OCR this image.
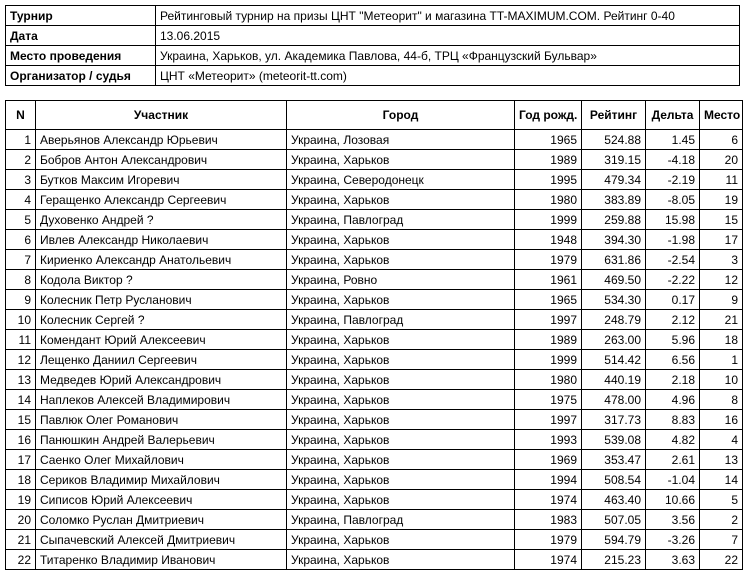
Турнир	Рейтинговый турнир на призы ЦНТ "Метеорит" и магазина TT-MAXIMUM.COM. Рейтинг 0-40
Дата	13.06.2015
Место проведения	Украина, Харьков, ул. Академика Павлова, 44-б, ТРЦ «Французский Бульвар»
Организатор / судья	ЦНТ «Метеорит» (meteorit-tt.com)
N	Участник	Город	Год рожд.	Рейтинг	Дельта	Место
1	Аверьянов Александр Юрьевич	Украина, Лозовая	1965	524.88	1.45	6
2	Бобров Антон Александрович	Украина, Харьков	1989	319.15	-4.18	20
3	Бутков Максим Игоревич	Украина, Северодонецк	1995	479.34	-2.19	11
4	Геращенко Александр Сергеевич	Украина, Харьков	1980	383.89	-8.05	19
5	Духовенко Андрей ?	Украина, Павлоград	1999	259.88	15.98	15
6	Ивлев Александр Николаевич	Украина, Харьков	1948	394.30	-1.98	17
7	Кириенко Александр Анатольевич	Украина, Харьков	1979	631.86	-2.54	3
8	Кодола Виктор ?	Украина, Ровно	1961	469.50	-2.22	12
9	Колесник Петр Русланович	Украина, Харьков	1965	534.30	0.17	9
10	Колесник Сергей ?	Украина, Павлоград	1997	248.79	2.12	21
11	Комендант Юрий Алексеевич	Украина, Харьков	1989	263.00	5.96	18
12	Лещенко Даниил Сергеевич	Украина, Харьков	1999	514.42	6.56	1
13	Медведев Юрий Александрович	Украина, Харьков	1980	440.19	2.18	10
14	Наплеков Алексей Владимирович	Украина, Харьков	1975	478.00	4.96	8
15	Павлюк Олег Романович	Украина, Харьков	1997	317.73	8.83	16
16	Панюшкин Андрей Валерьевич	Украина, Харьков	1993	539.08	4.82	4
17	Саенко Олег Михайлович	Украина, Харьков	1969	353.47	2.61	13
18	Сериков Владимир Михайлович	Украина, Харьков	1994	508.54	-1.04	14
19	Сиписов Юрий Алексеевич	Украина, Харьков	1974	463.40	10.66	5
20	Соломко Руслан Дмитриевич	Украина, Павлоград	1983	507.05	3.56	2
21	Сыпачевский Алексей Дмитриевич	Украина, Харьков	1979	594.79	-3.26	7
22	Титаренко Владимир Иванович	Украина, Харьков	1974	215.23	3.63	22
